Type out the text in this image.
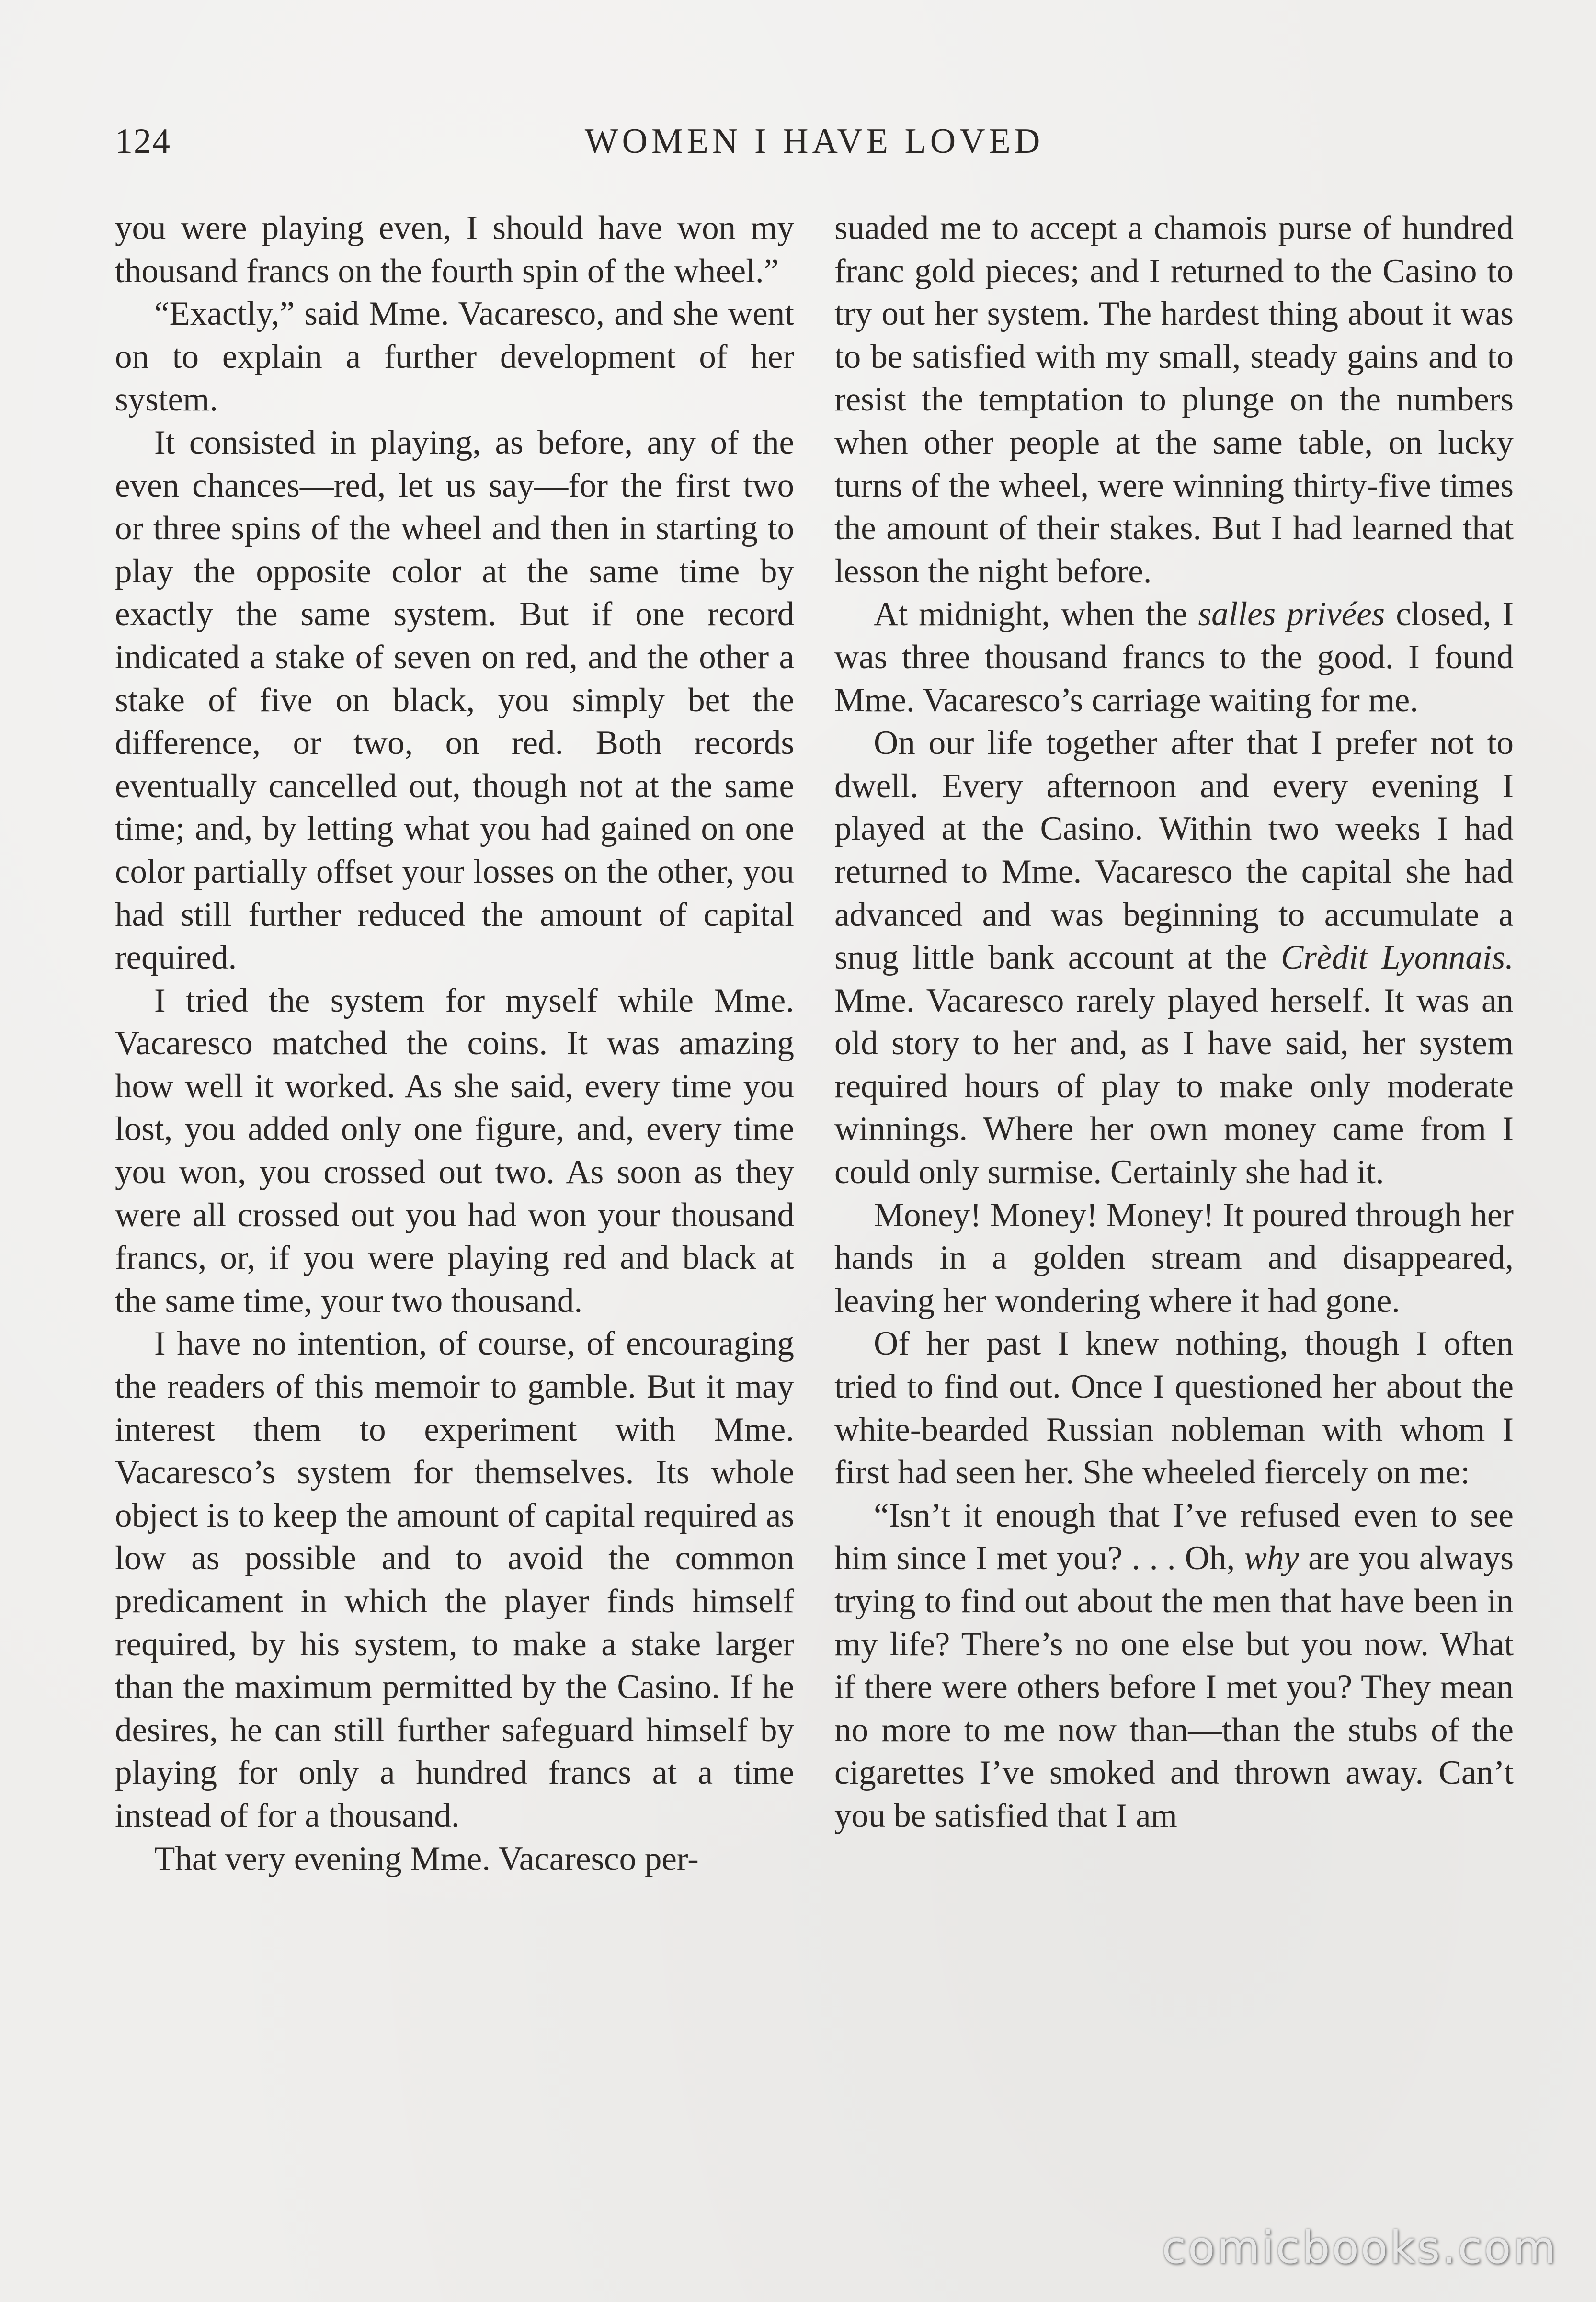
124	WOMEN I HAVE LOVED

you were playing even, I should have won my thousand francs on the fourth spin of the wheel.”

“Exactly,” said Mme. Vacaresco, and she went on to explain a further development of her system.

It consisted in playing, as before, any of the even chances—red, let us say—for the first two or three spins of the wheel and then in starting to play the opposite color at the same time by exactly the same system. But if one record indicated a stake of seven on red, and the other a stake of five on black, you simply bet the difference, or two, on red. Both records eventually cancelled out, though not at the same time; and, by letting what you had gained on one color partially offset your losses on the other, you had still further reduced the amount of capital required.

I tried the system for myself while Mme. Vacaresco matched the coins. It was amazing how well it worked. As she said, every time you lost, you added only one figure, and, every time you won, you crossed out two. As soon as they were all crossed out you had won your thousand francs, or, if you were playing red and black at the same time, your two thousand.

I have no intention, of course, of encouraging the readers of this memoir to gamble. But it may interest them to experiment with Mme. Vacaresco’s system for themselves. Its whole object is to keep the amount of capital required as low as possible and to avoid the common predicament in which the player finds himself required, by his system, to make a stake larger than the maximum permitted by the Casino. If he desires, he can still further safeguard himself by playing for only a hundred francs at a time instead of for a thousand.

That very evening Mme. Vacaresco per-

suaded me to accept a chamois purse of hundred franc gold pieces; and I returned to the Casino to try out her system. The hardest thing about it was to be satisfied with my small, steady gains and to resist the temptation to plunge on the numbers when other people at the same table, on lucky turns of the wheel, were winning thirty-five times the amount of their stakes. But I had learned that lesson the night before.

At midnight, when the salles privées closed, I was three thousand francs to the good. I found Mme. Vacaresco’s carriage waiting for me.

On our life together after that I prefer not to dwell. Every afternoon and every evening I played at the Casino. Within two weeks I had returned to Mme. Vacaresco the capital she had advanced and was beginning to accumulate a snug little bank account at the Crèdit Lyonnais. Mme. Vacaresco rarely played herself. It was an old story to her and, as I have said, her system required hours of play to make only moderate winnings. Where her own money came from I could only surmise. Certainly she had it.

Money! Money! Money! It poured through her hands in a golden stream and disappeared, leaving her wondering where it had gone.

Of her past I knew nothing, though I often tried to find out. Once I questioned her about the white-bearded Russian nobleman with whom I first had seen her. She wheeled fiercely on me:

“Isn’t it enough that I’ve refused even to see him since I met you? . . . Oh, why are you always trying to find out about the men that have been in my life? There’s no one else but you now. What if there were others before I met you? They mean no more to me now than—than the stubs of the cigarettes I’ve smoked and thrown away. Can’t you be satisfied that I am

comicbooks.com
